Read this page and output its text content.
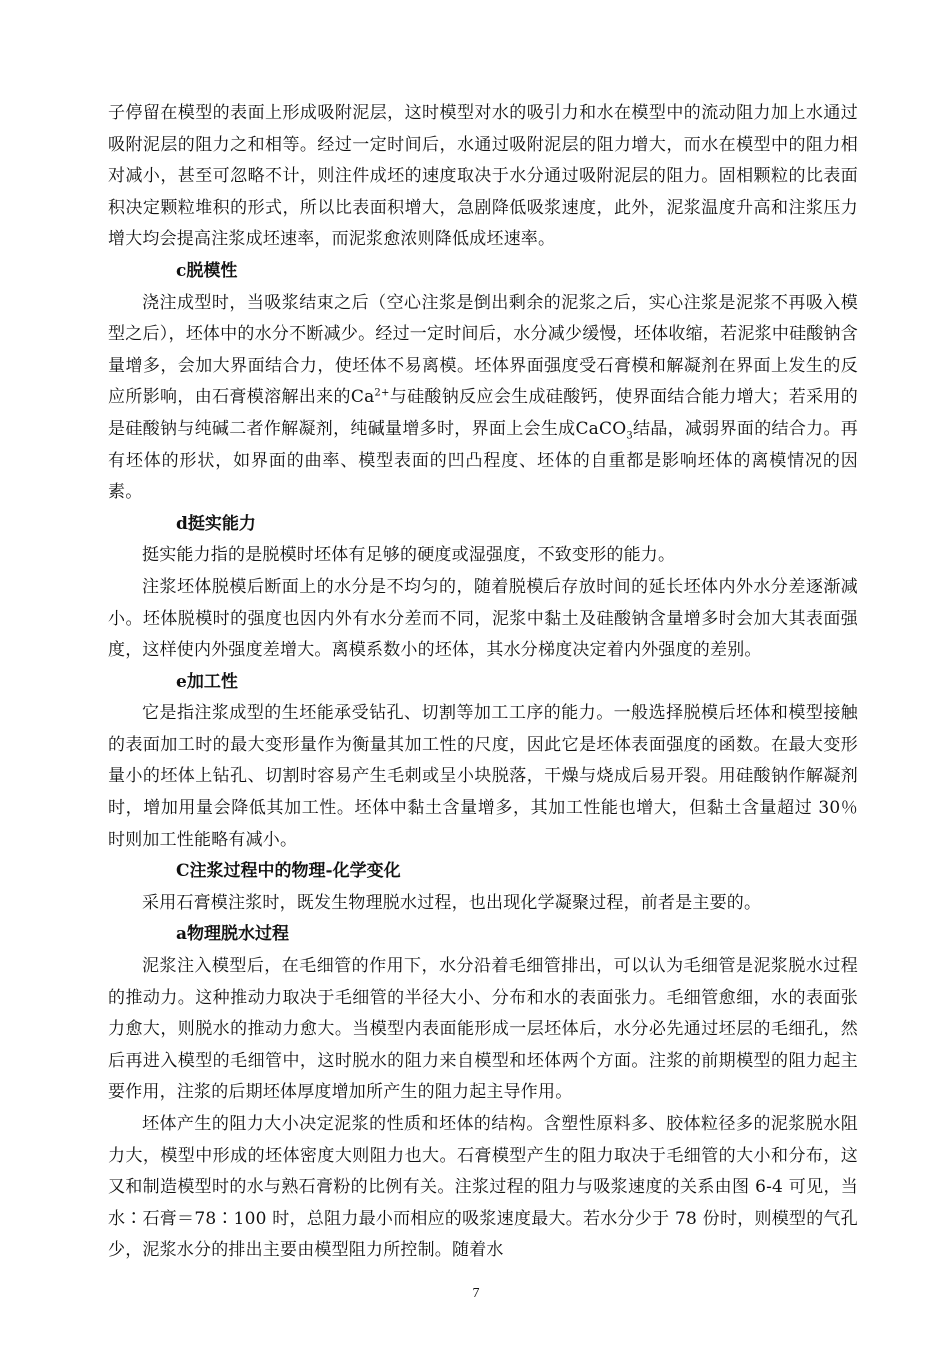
子停留在模型的表面上形成吸附泥层，这时模型对水的吸引力和水在模型中的流动阻力加上水通过吸附泥层的阻力之和相等。经过一定时间后，水通过吸附泥层的阻力增大，而水在模型中的阻力相对减小，甚至可忽略不计，则注件成坯的速度取决于水分通过吸附泥层的阻力。固相颗粒的比表面积决定颗粒堆积的形式，所以比表面积增大，急剧降低吸浆速度，此外，泥浆温度升高和注浆压力增大均会提高注浆成坯速率，而泥浆愈浓则降低成坯速率。

c脱模性

浇注成型时，当吸浆结束之后（空心注浆是倒出剩余的泥浆之后，实心注浆是泥浆不再吸入模型之后），坯体中的水分不断减少。经过一定时间后，水分减少缓慢，坯体收缩，若泥浆中硅酸钠含量增多，会加大界面结合力，使坯体不易离模。坯体界面强度受石膏模和解凝剂在界面上发生的反应所影响，由石膏模溶解出来的$Ca^{2+}$与硅酸钠反应会生成硅酸钙，使界面结合能力增大；若采用的是硅酸钠与纯碱二者作解凝剂，纯碱量增多时，界面上会生成CaCO$_3$结晶，减弱界面的结合力。再有坯体的形状，如界面的曲率、模型表面的凹凸程度、坯体的自重都是影响坯体的离模情况的因素。

d挺实能力

挺实能力指的是脱模时坯体有足够的硬度或湿强度，不致变形的能力。

注浆坯体脱模后断面上的水分是不均匀的，随着脱模后存放时间的延长坯体内外水分差逐渐减小。坯体脱模时的强度也因内外有水分差而不同，泥浆中黏土及硅酸钠含量增多时会加大其表面强度，这样使内外强度差增大。离模系数小的坯体，其水分梯度决定着内外强度的差别。

e加工性

它是指注浆成型的生坯能承受钻孔、切割等加工工序的能力。一般选择脱模后坯体和模型接触的表面加工时的最大变形量作为衡量其加工性的尺度，因此它是坯体表面强度的函数。在最大变形量小的坯体上钻孔、切割时容易产生毛刺或呈小块脱落，干燥与烧成后易开裂。用硅酸钠作解凝剂时，增加用量会降低其加工性。坯体中黏土含量增多，其加工性能也增大，但黏土含量超过 30％时则加工性能略有减小。

C注浆过程中的物理-化学变化

采用石膏模注浆时，既发生物理脱水过程，也出现化学凝聚过程，前者是主要的。

a物理脱水过程

泥浆注入模型后，在毛细管的作用下，水分沿着毛细管排出，可以认为毛细管是泥浆脱水过程的推动力。这种推动力取决于毛细管的半径大小、分布和水的表面张力。毛细管愈细，水的表面张力愈大，则脱水的推动力愈大。当模型内表面能形成一层坯体后，水分必先通过坯层的毛细孔，然后再进入模型的毛细管中，这时脱水的阻力来自模型和坯体两个方面。注浆的前期模型的阻力起主要作用，注浆的后期坯体厚度增加所产生的阻力起主导作用。

坯体产生的阻力大小决定泥浆的性质和坯体的结构。含塑性原料多、胶体粒径多的泥浆脱水阻力大，模型中形成的坯体密度大则阻力也大。石膏模型产生的阻力取决于毛细管的大小和分布，这又和制造模型时的水与熟石膏粉的比例有关。注浆过程的阻力与吸浆速度的关系由图 6-4 可见，当水∶石膏＝78∶100 时，总阻力最小而相应的吸浆速度最大。若水分少于 78 份时，则模型的气孔少，泥浆水分的排出主要由模型阻力所控制。随着水

7
